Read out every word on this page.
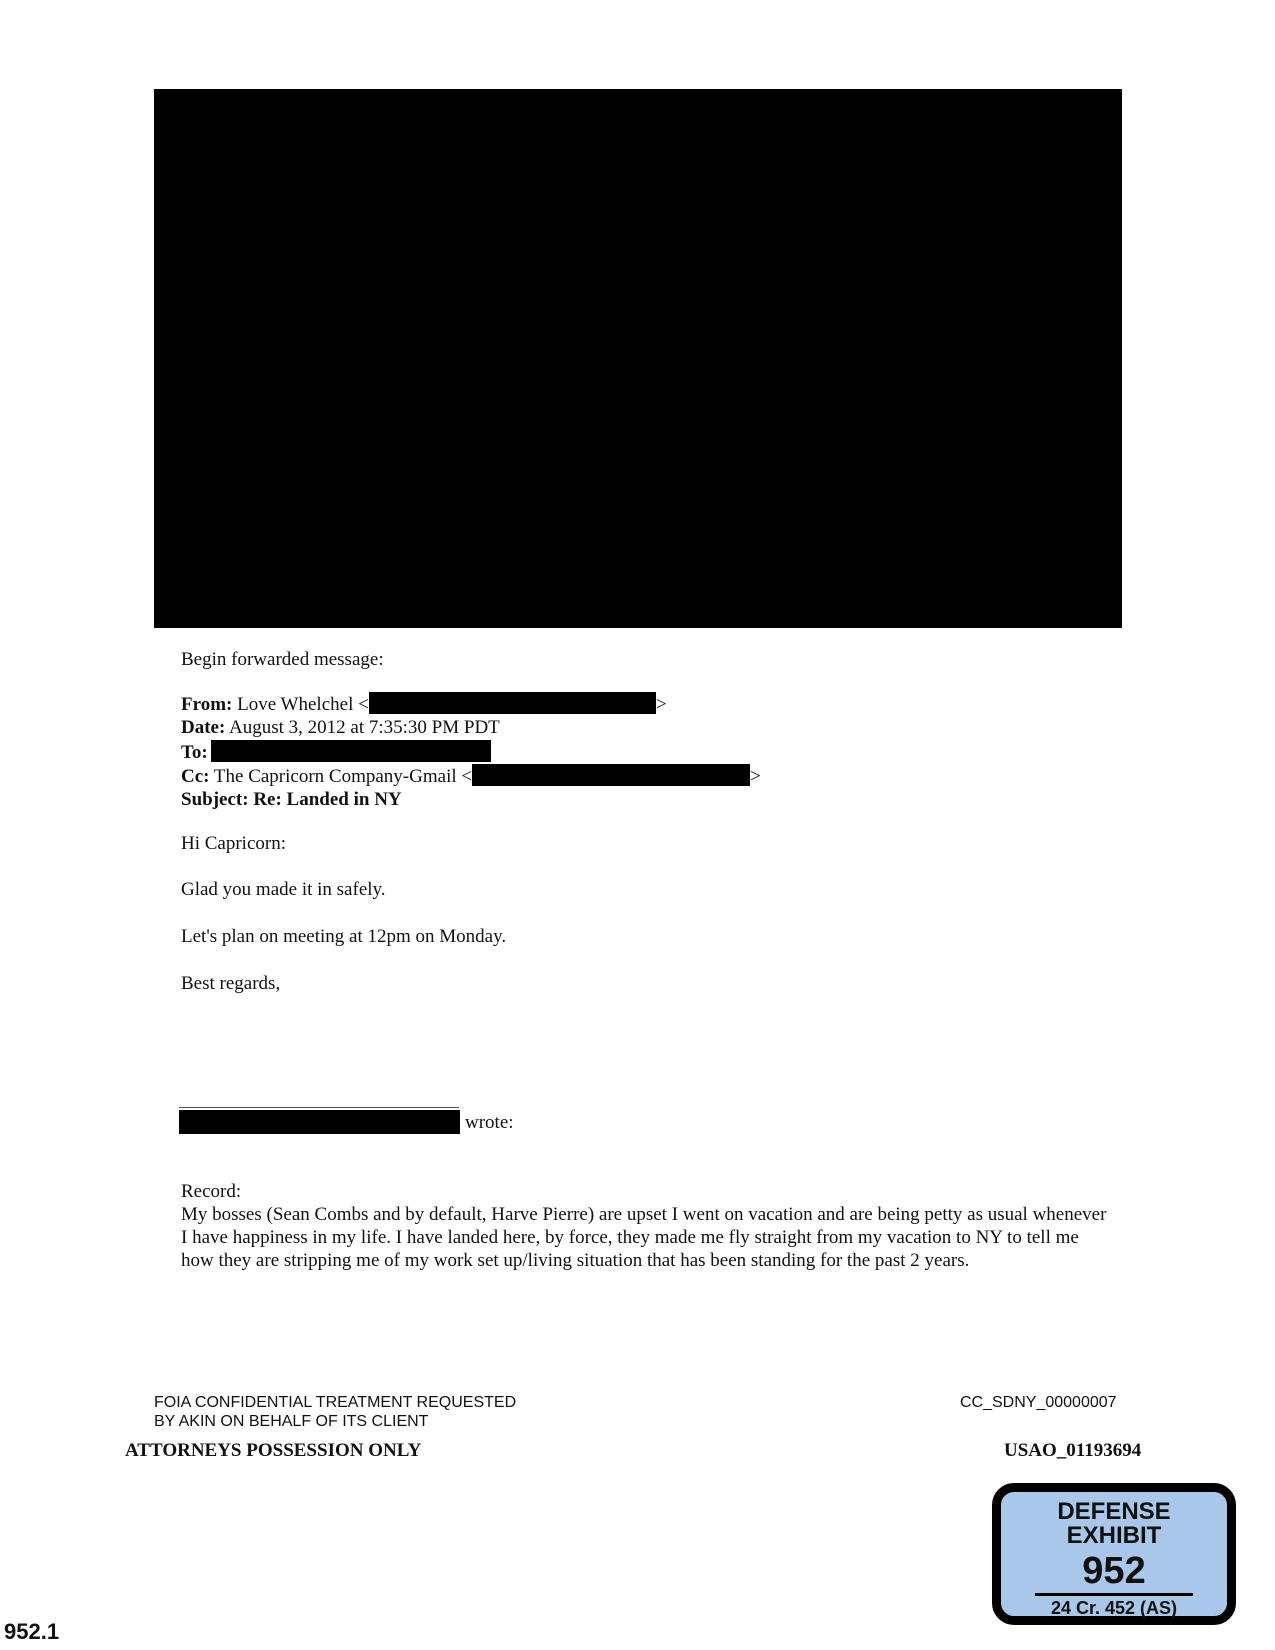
Begin forwarded message:
From: Love Whelchel <	>
Date: August 3, 2012 at 7:35:30 PM PDT
To:
Cc: The Capricorn Company-Gmail <	>
Subject: Re: Landed in NY
Hi Capricorn:
Glad you made it in safely.
Let's plan on meeting at 12pm on Monday.
Best regards,
wrote:
Record:
My bosses (Sean Combs and by default, Harve Pierre) are upset I went on vacation and are being petty as usual whenever I have happiness in my life. I have landed here, by force, they made me fly straight from my vacation to NY to tell me how they are stripping me of my work set up/living situation that has been standing for the past 2 years.
FOIA CONFIDENTIAL TREATMENT REQUESTED
BY AKIN ON BEHALF OF ITS CLIENT
ATTORNEYS POSSESSION ONLY
CC_SDNY_00000007
USAO_01193694
952.1
DEFENSE
EXHIBIT
952
24 Cr. 452 (AS)
